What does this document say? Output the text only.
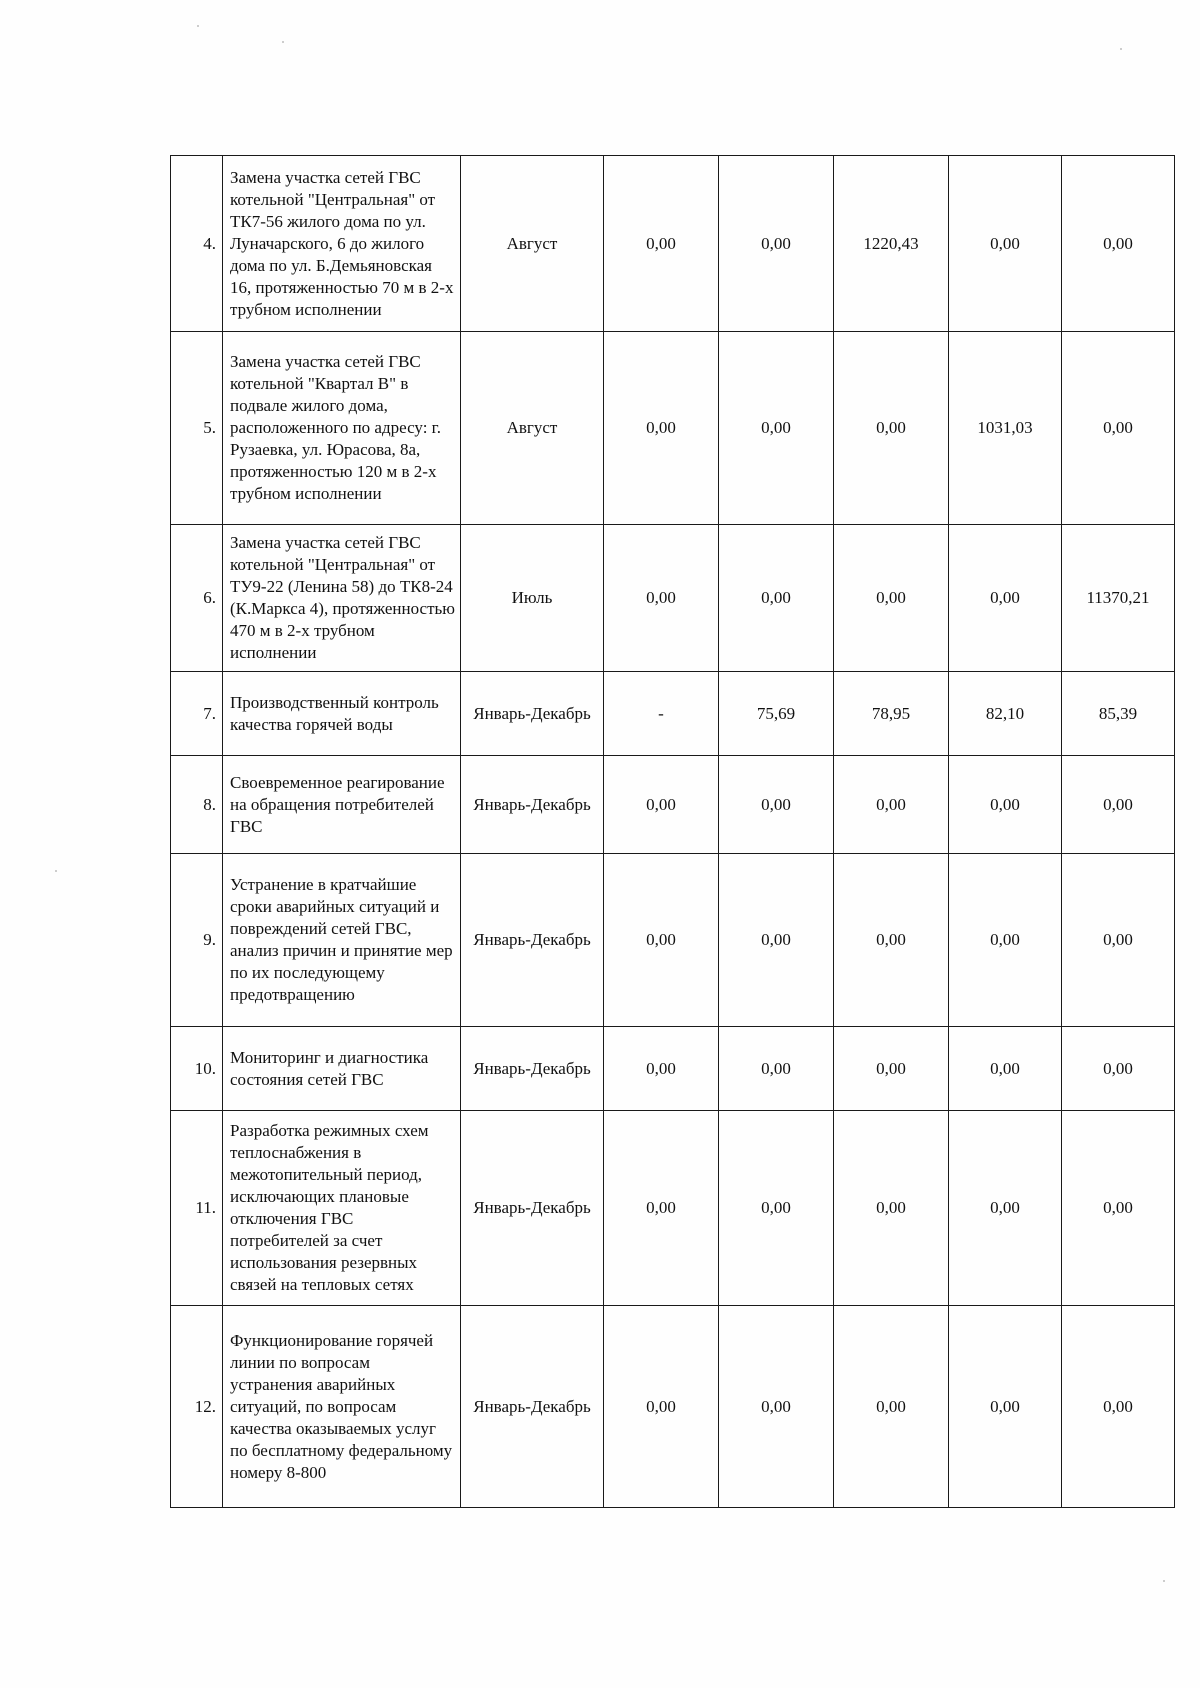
4.	Замена участка сетей ГВС котельной "Центральная" от ТК7-56 жилого дома по ул. Луначарского, 6 до жилого дома по ул. Б.Демьяновская 16, протяженностью 70 м в 2-х трубном исполнении	Август	0,00	0,00	1220,43	0,00	0,00
5.	Замена участка сетей ГВС котельной "Квартал В" в подвале жилого дома, расположенного по адресу: г. Рузаевка, ул. Юрасова, 8а, протяженностью 120 м в 2-х трубном исполнении	Август	0,00	0,00	0,00	1031,03	0,00
6.	Замена участка сетей ГВС котельной "Центральная" от ТУ9-22 (Ленина 58) до ТК8-24 (К.Маркса 4), протяженностью 470 м в 2-х трубном исполнении	Июль	0,00	0,00	0,00	0,00	11370,21
7.	Производственный контроль качества горячей воды	Январь-Декабрь	-	75,69	78,95	82,10	85,39
8.	Своевременное реагирование на обращения потребителей ГВС	Январь-Декабрь	0,00	0,00	0,00	0,00	0,00
9.	Устранение в кратчайшие сроки аварийных ситуаций и повреждений сетей ГВС, анализ причин и принятие мер по их последующему предотвращению	Январь-Декабрь	0,00	0,00	0,00	0,00	0,00
10.	Мониторинг и диагностика состояния сетей ГВС	Январь-Декабрь	0,00	0,00	0,00	0,00	0,00
11.	Разработка режимных схем теплоснабжения в межотопительный период, исключающих плановые отключения ГВС потребителей за счет использования резервных связей на тепловых сетях	Январь-Декабрь	0,00	0,00	0,00	0,00	0,00
12.	Функционирование горячей линии по вопросам устранения аварийных ситуаций, по вопросам качества оказываемых услуг по бесплатному федеральному номеру 8-800	Январь-Декабрь	0,00	0,00	0,00	0,00	0,00
